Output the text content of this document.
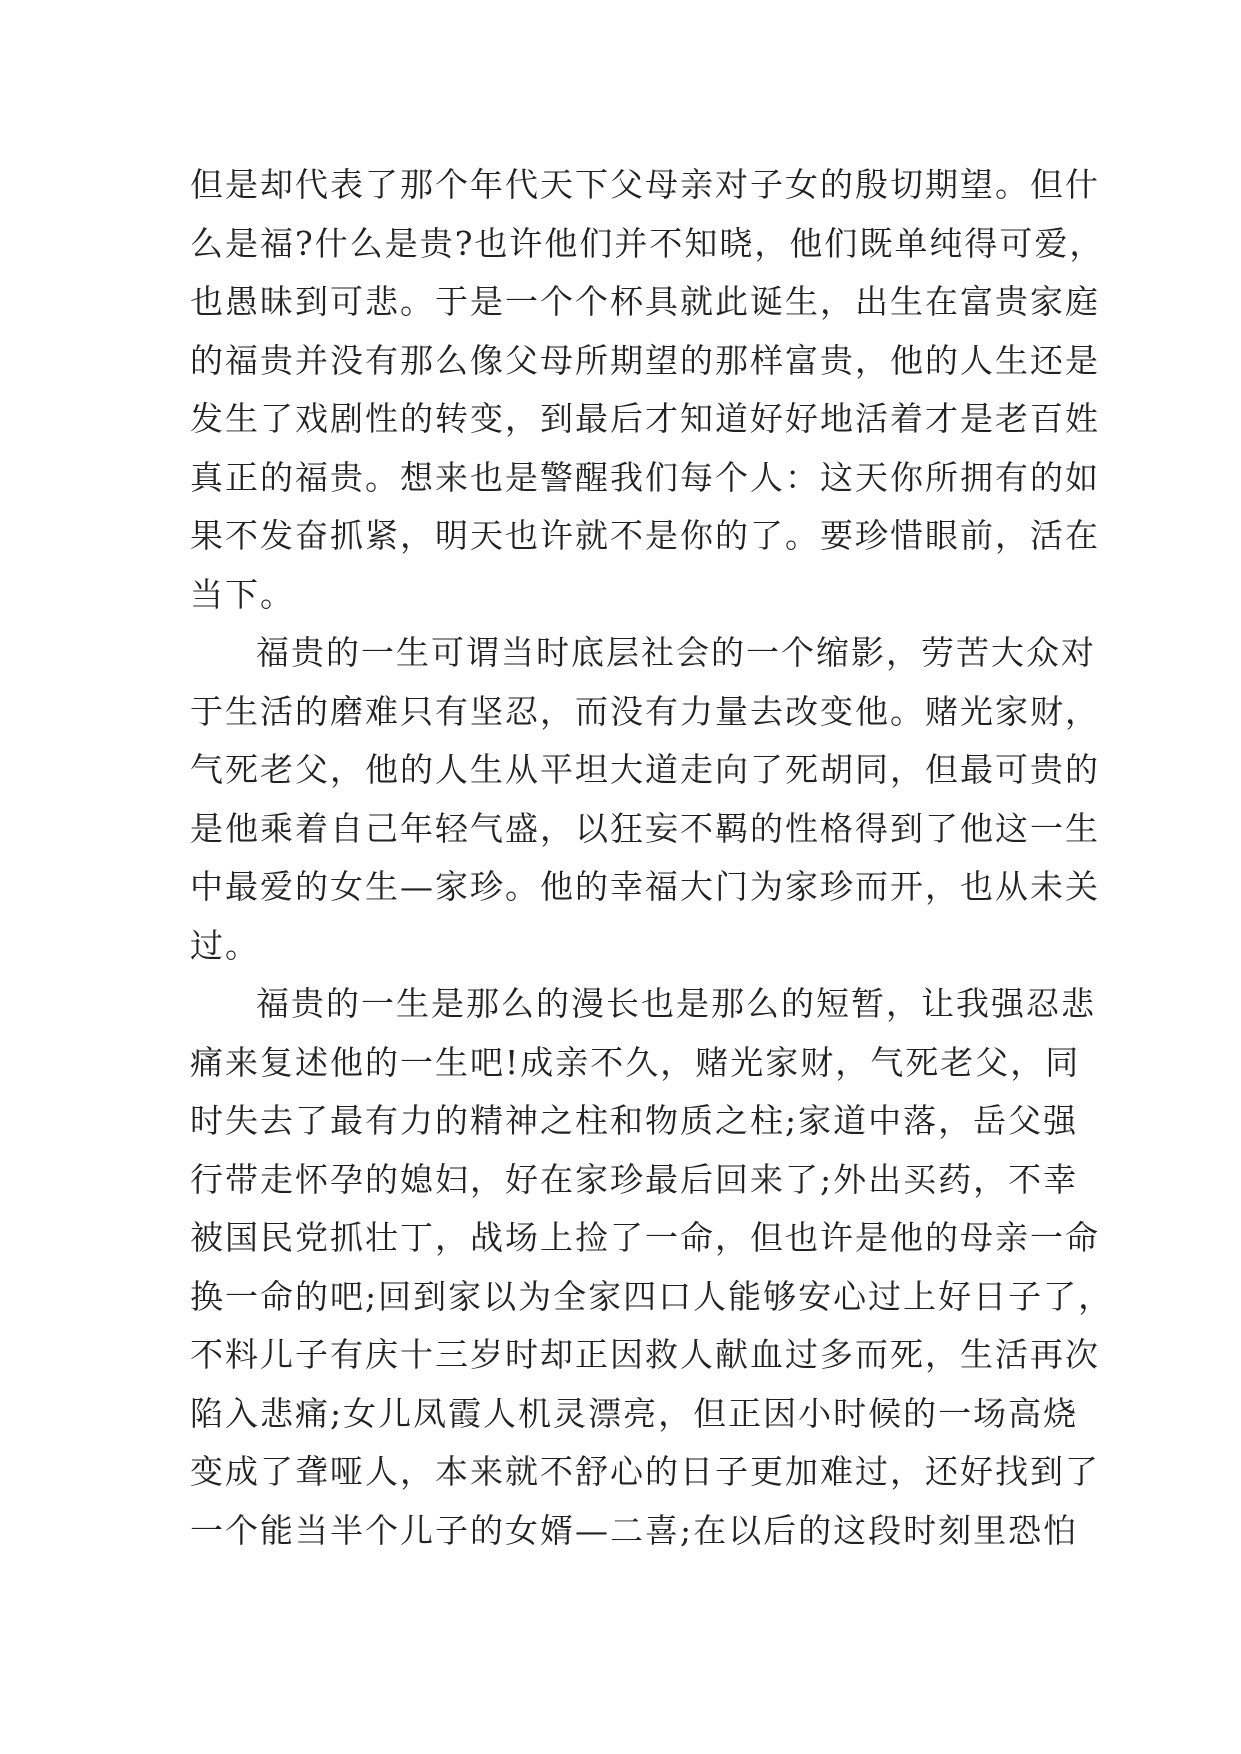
但是却代表了那个年代天下父母亲对子女的殷切期望。但什
么是福?什么是贵?也许他们并不知晓，他们既单纯得可爱，
也愚昧到可悲。于是一个个杯具就此诞生，出生在富贵家庭
的福贵并没有那么像父母所期望的那样富贵，他的人生还是
发生了戏剧性的转变，到最后才知道好好地活着才是老百姓
真正的福贵。想来也是警醒我们每个人：这天你所拥有的如
果不发奋抓紧，明天也许就不是你的了。要珍惜眼前，活在
当下。
福贵的一生可谓当时底层社会的一个缩影，劳苦大众对
于生活的磨难只有坚忍，而没有力量去改变他。赌光家财，
气死老父，他的人生从平坦大道走向了死胡同，但最可贵的
是他乘着自己年轻气盛，以狂妄不羁的性格得到了他这一生
中最爱的女生—家珍。他的幸福大门为家珍而开，也从未关
过。
福贵的一生是那么的漫长也是那么的短暂，让我强忍悲
痛来复述他的一生吧!成亲不久，赌光家财，气死老父，同
时失去了最有力的精神之柱和物质之柱;家道中落，岳父强
行带走怀孕的媳妇，好在家珍最后回来了;外出买药，不幸
被国民党抓壮丁，战场上捡了一命，但也许是他的母亲一命
换一命的吧;回到家以为全家四口人能够安心过上好日子了，
不料儿子有庆十三岁时却正因救人献血过多而死，生活再次
陷入悲痛;女儿凤霞人机灵漂亮，但正因小时候的一场高烧
变成了聋哑人，本来就不舒心的日子更加难过，还好找到了
一个能当半个儿子的女婿—二喜;在以后的这段时刻里恐怕
